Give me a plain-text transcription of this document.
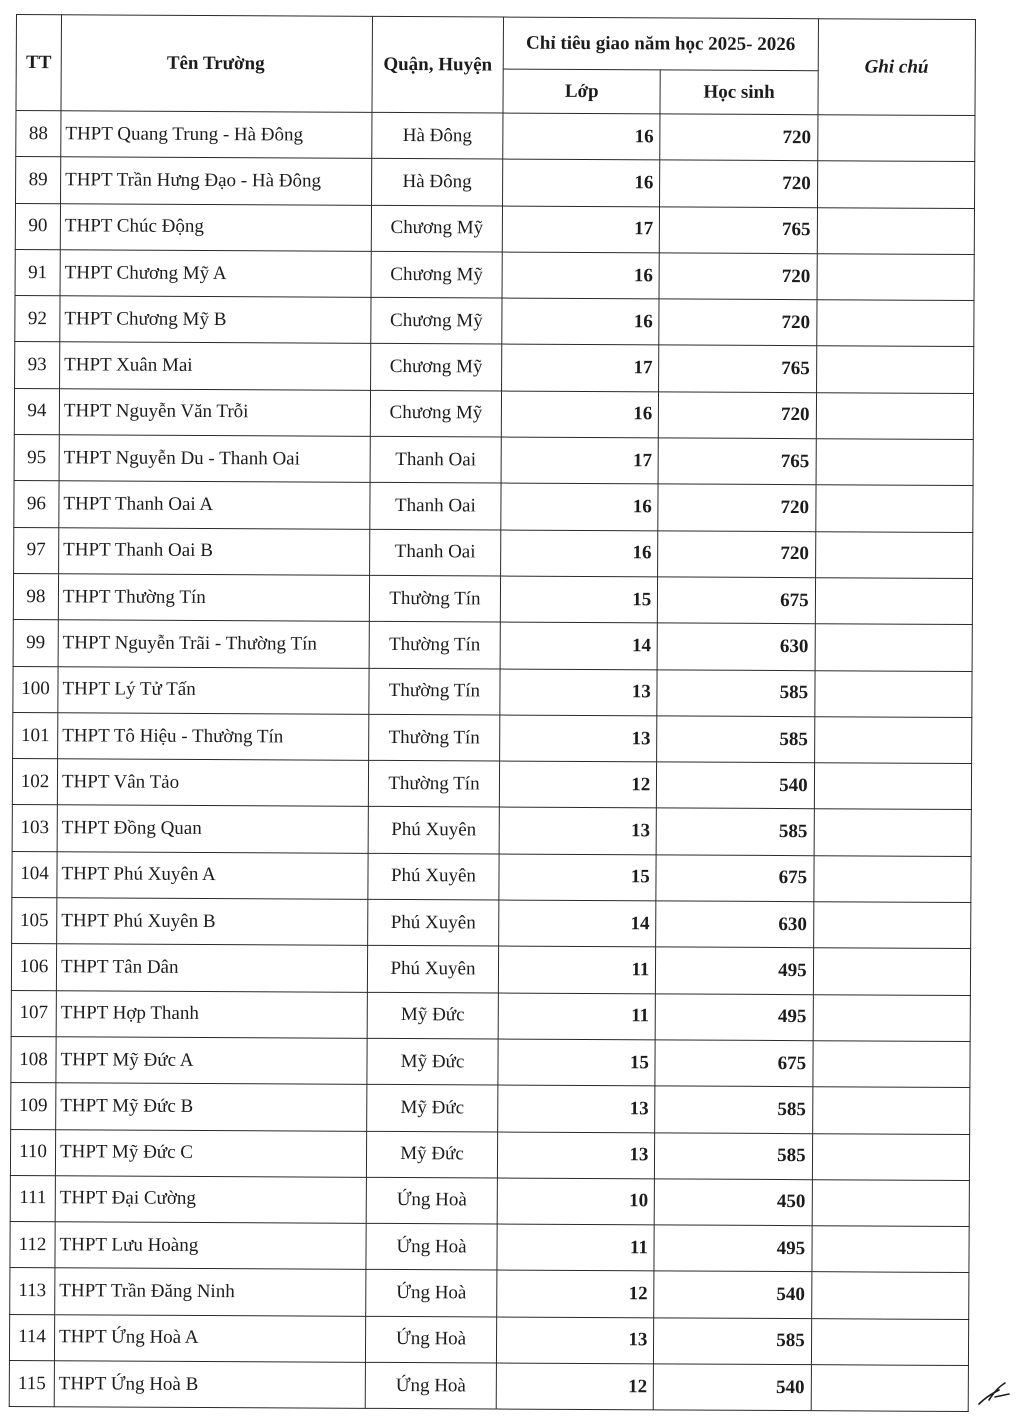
TT	Tên Trường	Quận, Huyện	Chỉ tiêu giao năm học 2025- 2026		Ghi chú
			Lớp	Học sinh	
88	THPT Quang Trung - Hà Đông	Hà Đông	16	720	
89	THPT Trần Hưng Đạo - Hà Đông	Hà Đông	16	720	
90	THPT Chúc Động	Chương Mỹ	17	765	
91	THPT Chương Mỹ A	Chương Mỹ	16	720	
92	THPT Chương Mỹ B	Chương Mỹ	16	720	
93	THPT Xuân Mai	Chương Mỹ	17	765	
94	THPT Nguyễn Văn Trỗi	Chương Mỹ	16	720	
95	THPT Nguyễn Du - Thanh Oai	Thanh Oai	17	765	
96	THPT Thanh Oai A	Thanh Oai	16	720	
97	THPT Thanh Oai B	Thanh Oai	16	720	
98	THPT Thường Tín	Thường Tín	15	675	
99	THPT Nguyễn Trãi - Thường Tín	Thường Tín	14	630	
100	THPT Lý Tử Tấn	Thường Tín	13	585	
101	THPT Tô Hiệu - Thường Tín	Thường Tín	13	585	
102	THPT Vân Tảo	Thường Tín	12	540	
103	THPT Đồng Quan	Phú Xuyên	13	585	
104	THPT Phú Xuyên A	Phú Xuyên	15	675	
105	THPT Phú Xuyên B	Phú Xuyên	14	630	
106	THPT Tân Dân	Phú Xuyên	11	495	
107	THPT Hợp Thanh	Mỹ Đức	11	495	
108	THPT Mỹ Đức A	Mỹ Đức	15	675	
109	THPT Mỹ Đức B	Mỹ Đức	13	585	
110	THPT Mỹ Đức C	Mỹ Đức	13	585	
111	THPT Đại Cường	Ứng Hoà	10	450	
112	THPT Lưu Hoàng	Ứng Hoà	11	495	
113	THPT Trần Đăng Ninh	Ứng Hoà	12	540	
114	THPT Ứng Hoà A	Ứng Hoà	13	585	
115	THPT Ứng Hoà B	Ứng Hoà	12	540	
